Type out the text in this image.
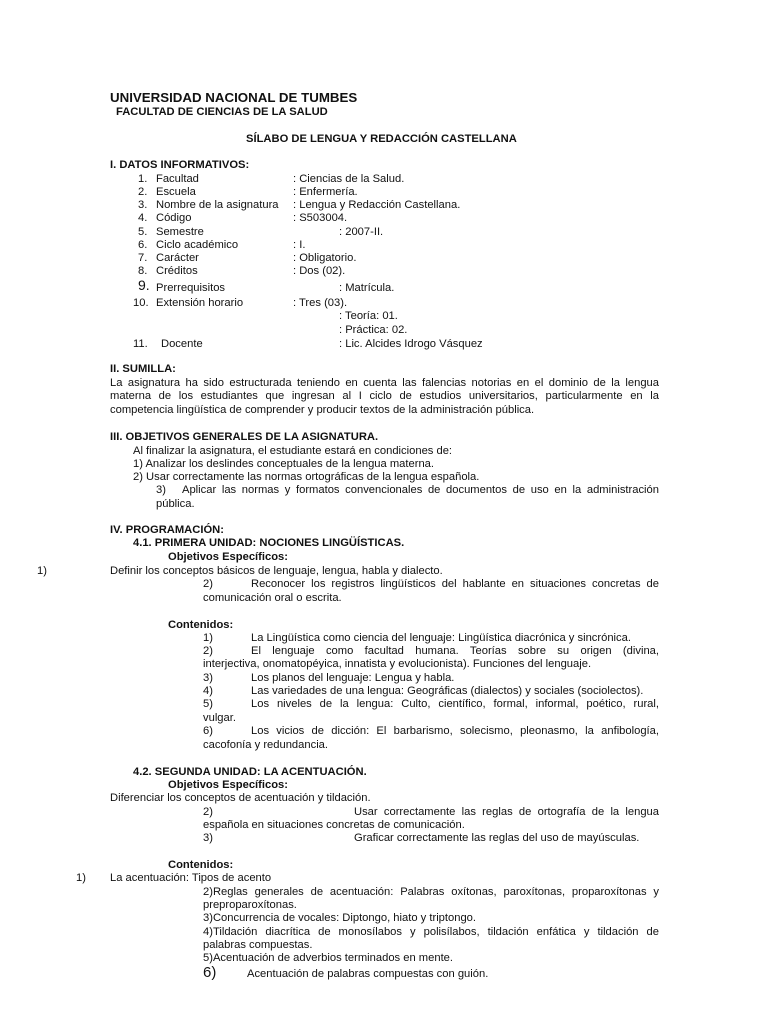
UNIVERSIDAD NACIONAL DE TUMBES
FACULTAD DE CIENCIAS DE LA SALUD
SÍLABO DE LENGUA Y REDACCIÓN CASTELLANA
I. DATOS INFORMATIVOS:
1. Facultad	: Ciencias de la Salud.
2. Escuela	: Enfermería.
3. Nombre de la asignatura : Lengua y Redacción Castellana.
4. Código	: S503004.
5. Semestre	: 2007-II.
6. Ciclo académico	: I.
7. Carácter	: Obligatorio.
8. Créditos	: Dos (02).
9. Prerrequisitos	: Matrícula.
10. Extensión horario	: Tres (03).
: Teoría: 01.
: Práctica: 02.
11. Docente	: Lic. Alcides Idrogo Vásquez
II. SUMILLA:
La asignatura ha sido estructurada teniendo en cuenta las falencias notorias en el dominio de la lengua materna de los estudiantes que ingresan al I ciclo de estudios universitarios, particularmente en la competencia lingüística de comprender y producir textos de la administración pública.
III. OBJETIVOS GENERALES DE LA ASIGNATURA.
Al finalizar la asignatura, el estudiante estará en condiciones de:
1) Analizar los deslindes conceptuales de la lengua materna.
2) Usar correctamente las normas ortográficas de la lengua española.
3) Aplicar las normas y formatos convencionales de documentos de uso en la administración
pública.
IV. PROGRAMACIÓN:
4.1. PRIMERA UNIDAD: NOCIONES LINGÜÍSTICAS.
Objetivos Específicos:
1)	Definir los conceptos básicos de lenguaje, lengua, habla y dialecto.
2)	Reconocer los registros lingüísticos del hablante en situaciones concretas de
comunicación oral o escrita.
Contenidos:
1)	La Lingüística como ciencia del lenguaje: Lingüística diacrónica y sincrónica.
2)	El lenguaje como facultad humana. Teorías sobre su origen (divina,
interjectiva, onomatopéyica, innatista y evolucionista). Funciones del lenguaje.
3)	Los planos del lenguaje: Lengua y habla.
4)	Las variedades de una lengua: Geográficas (dialectos) y sociales (sociolectos).
5)	Los niveles de la lengua: Culto, científico, formal, informal, poético, rural,
vulgar.
6)	Los vicios de dicción: El barbarismo, solecismo, pleonasmo, la anfibología,
cacofonía y redundancia.
4.2. SEGUNDA UNIDAD: LA ACENTUACIÓN.
Objetivos Específicos:
Diferenciar los conceptos de acentuación y tildación.
2)	Usar correctamente las reglas de ortografía de la lengua
española en situaciones concretas de comunicación.
3)	Graficar correctamente las reglas del uso de mayúsculas.
Contenidos:
1) La acentuación: Tipos de acento
2)Reglas generales de acentuación: Palabras oxítonas, paroxítonas, proparoxítonas y
preproparoxítonas.
3)Concurrencia de vocales: Diptongo, hiato y triptongo.
4)Tildación diacrítica de monosílabos y polisílabos, tildación enfática y tildación de
palabras compuestas.
5)Acentuación de adverbios terminados en mente.
6)	Acentuación de palabras compuestas con guión.
